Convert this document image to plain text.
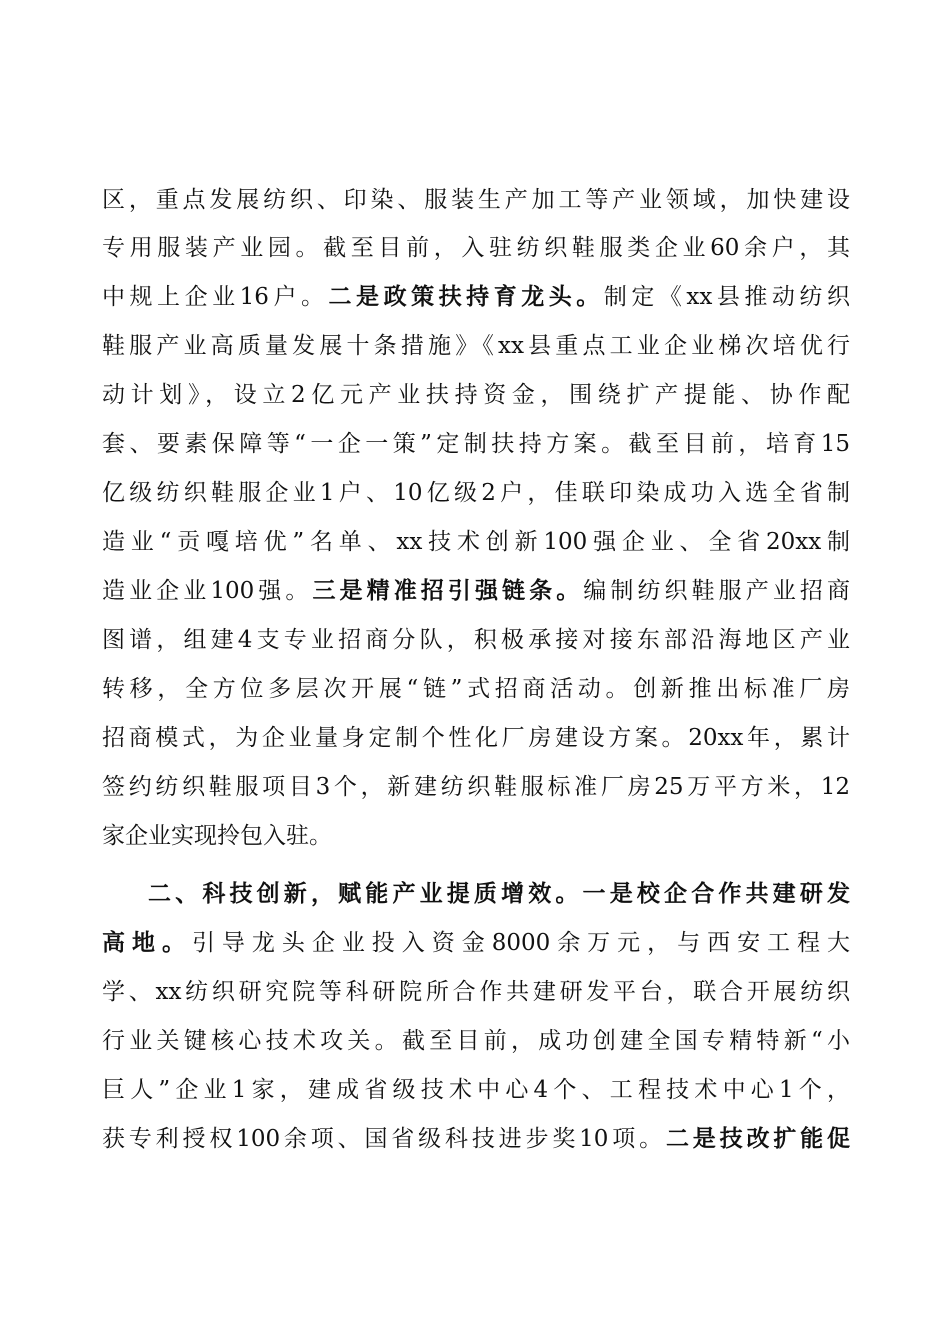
区，重点发展纺织、印染、服装生产加工等产业领域，加快建设
专用服装产业园。截至目前，入驻纺织鞋服类企业60余户，其
中规上企业16户。二是政策扶持育龙头。制定《xx县推动纺织
鞋服产业高质量发展十条措施》《xx县重点工业企业梯次培优行
动计划》，设立2亿元产业扶持资金，围绕扩产提能、协作配
套、要素保障等“一企一策”定制扶持方案。截至目前，培育15
亿级纺织鞋服企业1户、10亿级2户，佳联印染成功入选全省制
造业“贡嘎培优”名单、xx技术创新100强企业、全省20xx制
造业企业100强。三是精准招引强链条。编制纺织鞋服产业招商
图谱，组建4支专业招商分队，积极承接对接东部沿海地区产业
转移，全方位多层次开展“链”式招商活动。创新推出标准厂房
招商模式，为企业量身定制个性化厂房建设方案。20xx年，累计
签约纺织鞋服项目3个，新建纺织鞋服标准厂房25万平方米，12
家企业实现拎包入驻。
二、科技创新，赋能产业提质增效。一是校企合作共建研发
高地。引导龙头企业投入资金8000余万元，与西安工程大
学、xx纺织研究院等科研院所合作共建研发平台，联合开展纺织
行业关键核心技术攻关。截至目前，成功创建全国专精特新“小
巨人”企业1家，建成省级技术中心4个、工程技术中心1个，
获专利授权100余项、国省级科技进步奖10项。二是技改扩能促
